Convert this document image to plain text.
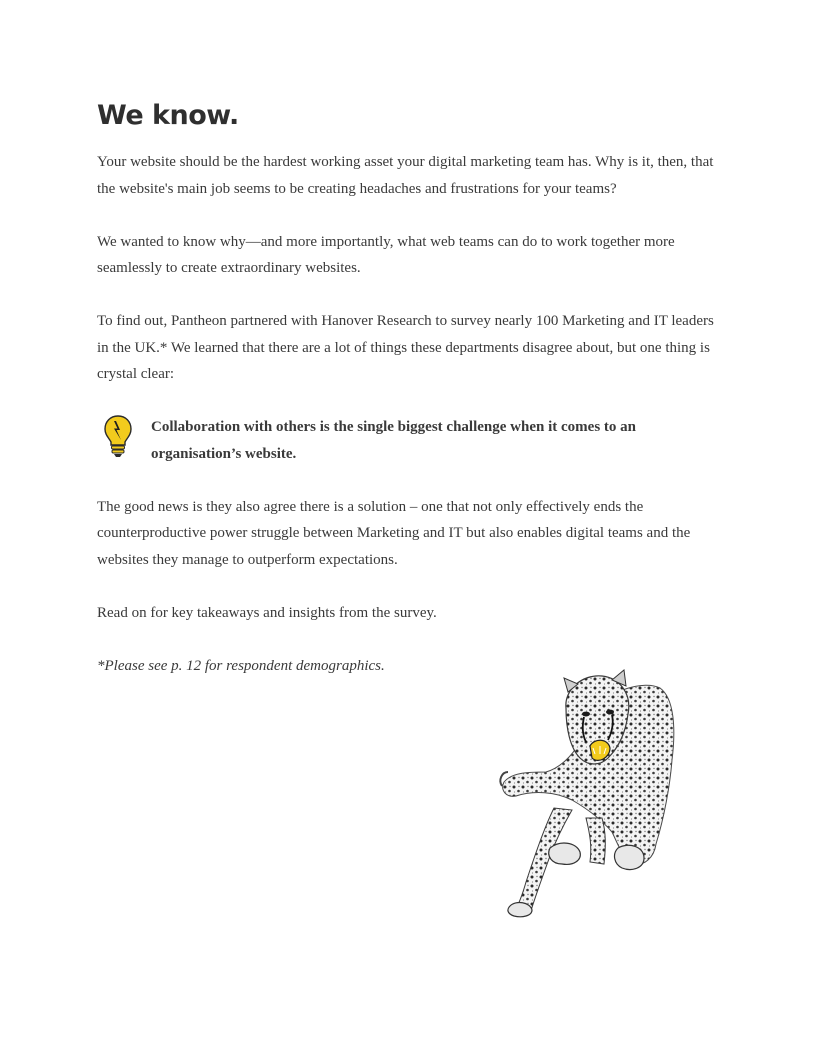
We know.

Your website should be the hardest working asset your digital marketing team has. Why is it, then, that the website's main job seems to be creating headaches and frustrations for your teams?

We wanted to know why—and more importantly, what web teams can do to work together more seamlessly to create extraordinary websites.

To find out, Pantheon partnered with Hanover Research to survey nearly 100 Marketing and IT leaders in the UK.* We learned that there are a lot of things these departments disagree about, but one thing is crystal clear:

Collaboration with others is the single biggest challenge when it comes to an organisation’s website.

The good news is they also agree there is a solution – one that not only effectively ends the counterproductive power struggle between Marketing and IT but also enables digital teams and the websites they manage to outperform expectations.

Read on for key takeaways and insights from the survey.

*Please see p. 12 for respondent demographics.
